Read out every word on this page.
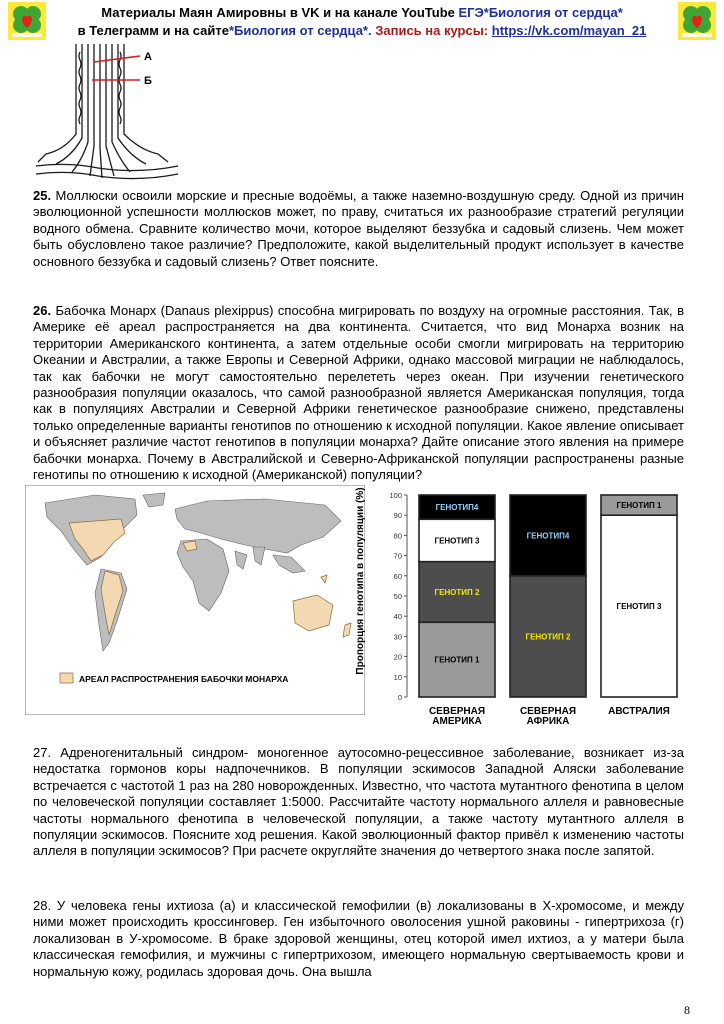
Материалы Маян Амировны в VK и на канале YouTube ЕГЭ*Биология от сердца*
в Телеграмм и на сайте*Биология от сердца*. Запись на курсы: https://vk.com/mayan_21
А
Б
25. Моллюски освоили морские и пресные водоёмы, а также наземно-воздушную среду. Одной из причин эволюционной успешности моллюсков может, по праву, считаться их разнообразие стратегий регуляции водного обмена. Сравните количество мочи, которое выделяют беззубка и садовый слизень. Чем может быть обусловлено такое различие? Предположите, какой выделительный продукт использует в качестве основного беззубка и садовый слизень? Ответ поясните.
26. Бабочка Монарх (Danaus plexippus) способна мигрировать по воздуху на огромные расстояния. Так, в Америке её ареал распространяется на два континента. Считается, что вид Монарха возник на территории Американского континента, а затем отдельные особи смогли мигрировать на территорию Океании и Австралии, а также Европы и Северной Африки, однако массовой миграции не наблюдалось, так как бабочки не могут самостоятельно перелететь через океан. При изучении генетического разнообразия популяции оказалось, что самой разнообразной является Американская популяция, тогда как в популяциях Австралии и Северной Африки генетическое разнообразие снижено, представлены только определенные варианты генотипов по отношению к исходной популяции. Какое явление описывает и объясняет различие частот генотипов в популяции монарха? Дайте описание этого явления на примере бабочки монарха. Почему в Австралийской и Северно-Африканской популяции распространены разные генотипы по отношению к исходной (Американской) популяции?
АРЕАЛ РАСПРОСТРАНЕНИЯ БАБОЧКИ МОНАРХА
Пропорция генотипа в популяции (%)
0
10
20
30
40
50
60
70
80
90
100
ГЕНОТИП 1
ГЕНОТИП 2
ГЕНОТИП 3
ГЕНОТИП4
ГЕНОТИП 2
ГЕНОТИП4
ГЕНОТИП 3
ГЕНОТИП 1
СЕВЕРНАЯ
АМЕРИКА
СЕВЕРНАЯ
АФРИКА
АВСТРАЛИЯ
27. Адреногенитальный синдром- моногенное аутосомно-рецессивное заболевание, возникает из-за недостатка гормонов коры надпочечников. В популяции эскимосов Западной Аляски заболевание встречается с частотой 1 раз на 280 новорожденных. Известно, что частота мутантного фенотипа в целом по человеческой популяции составляет 1:5000. Рассчитайте частоту нормального аллеля и равновесные частоты нормального фенотипа в человеческой популяции, а также частоту мутантного аллеля в популяции эскимосов. Поясните ход решения. Какой эволюционный фактор привёл к изменению частоты аллеля в популяции эскимосов? При расчете округляйте значения до четвертого знака после запятой.
28. У человека гены ихтиоза (а) и классической гемофилии (в) локализованы в Х-хромосоме, и между ними может происходить кроссинговер. Ген избыточного оволосения ушной раковины - гипертрихоза (г) локализован в У-хромосоме. В браке здоровой женщины, отец которой имел ихтиоз, а у матери была классическая гемофилия, и мужчины с гипертрихозом, имеющего нормальную свертываемость крови и нормальную кожу, родилась здоровая дочь. Она вышла
8
